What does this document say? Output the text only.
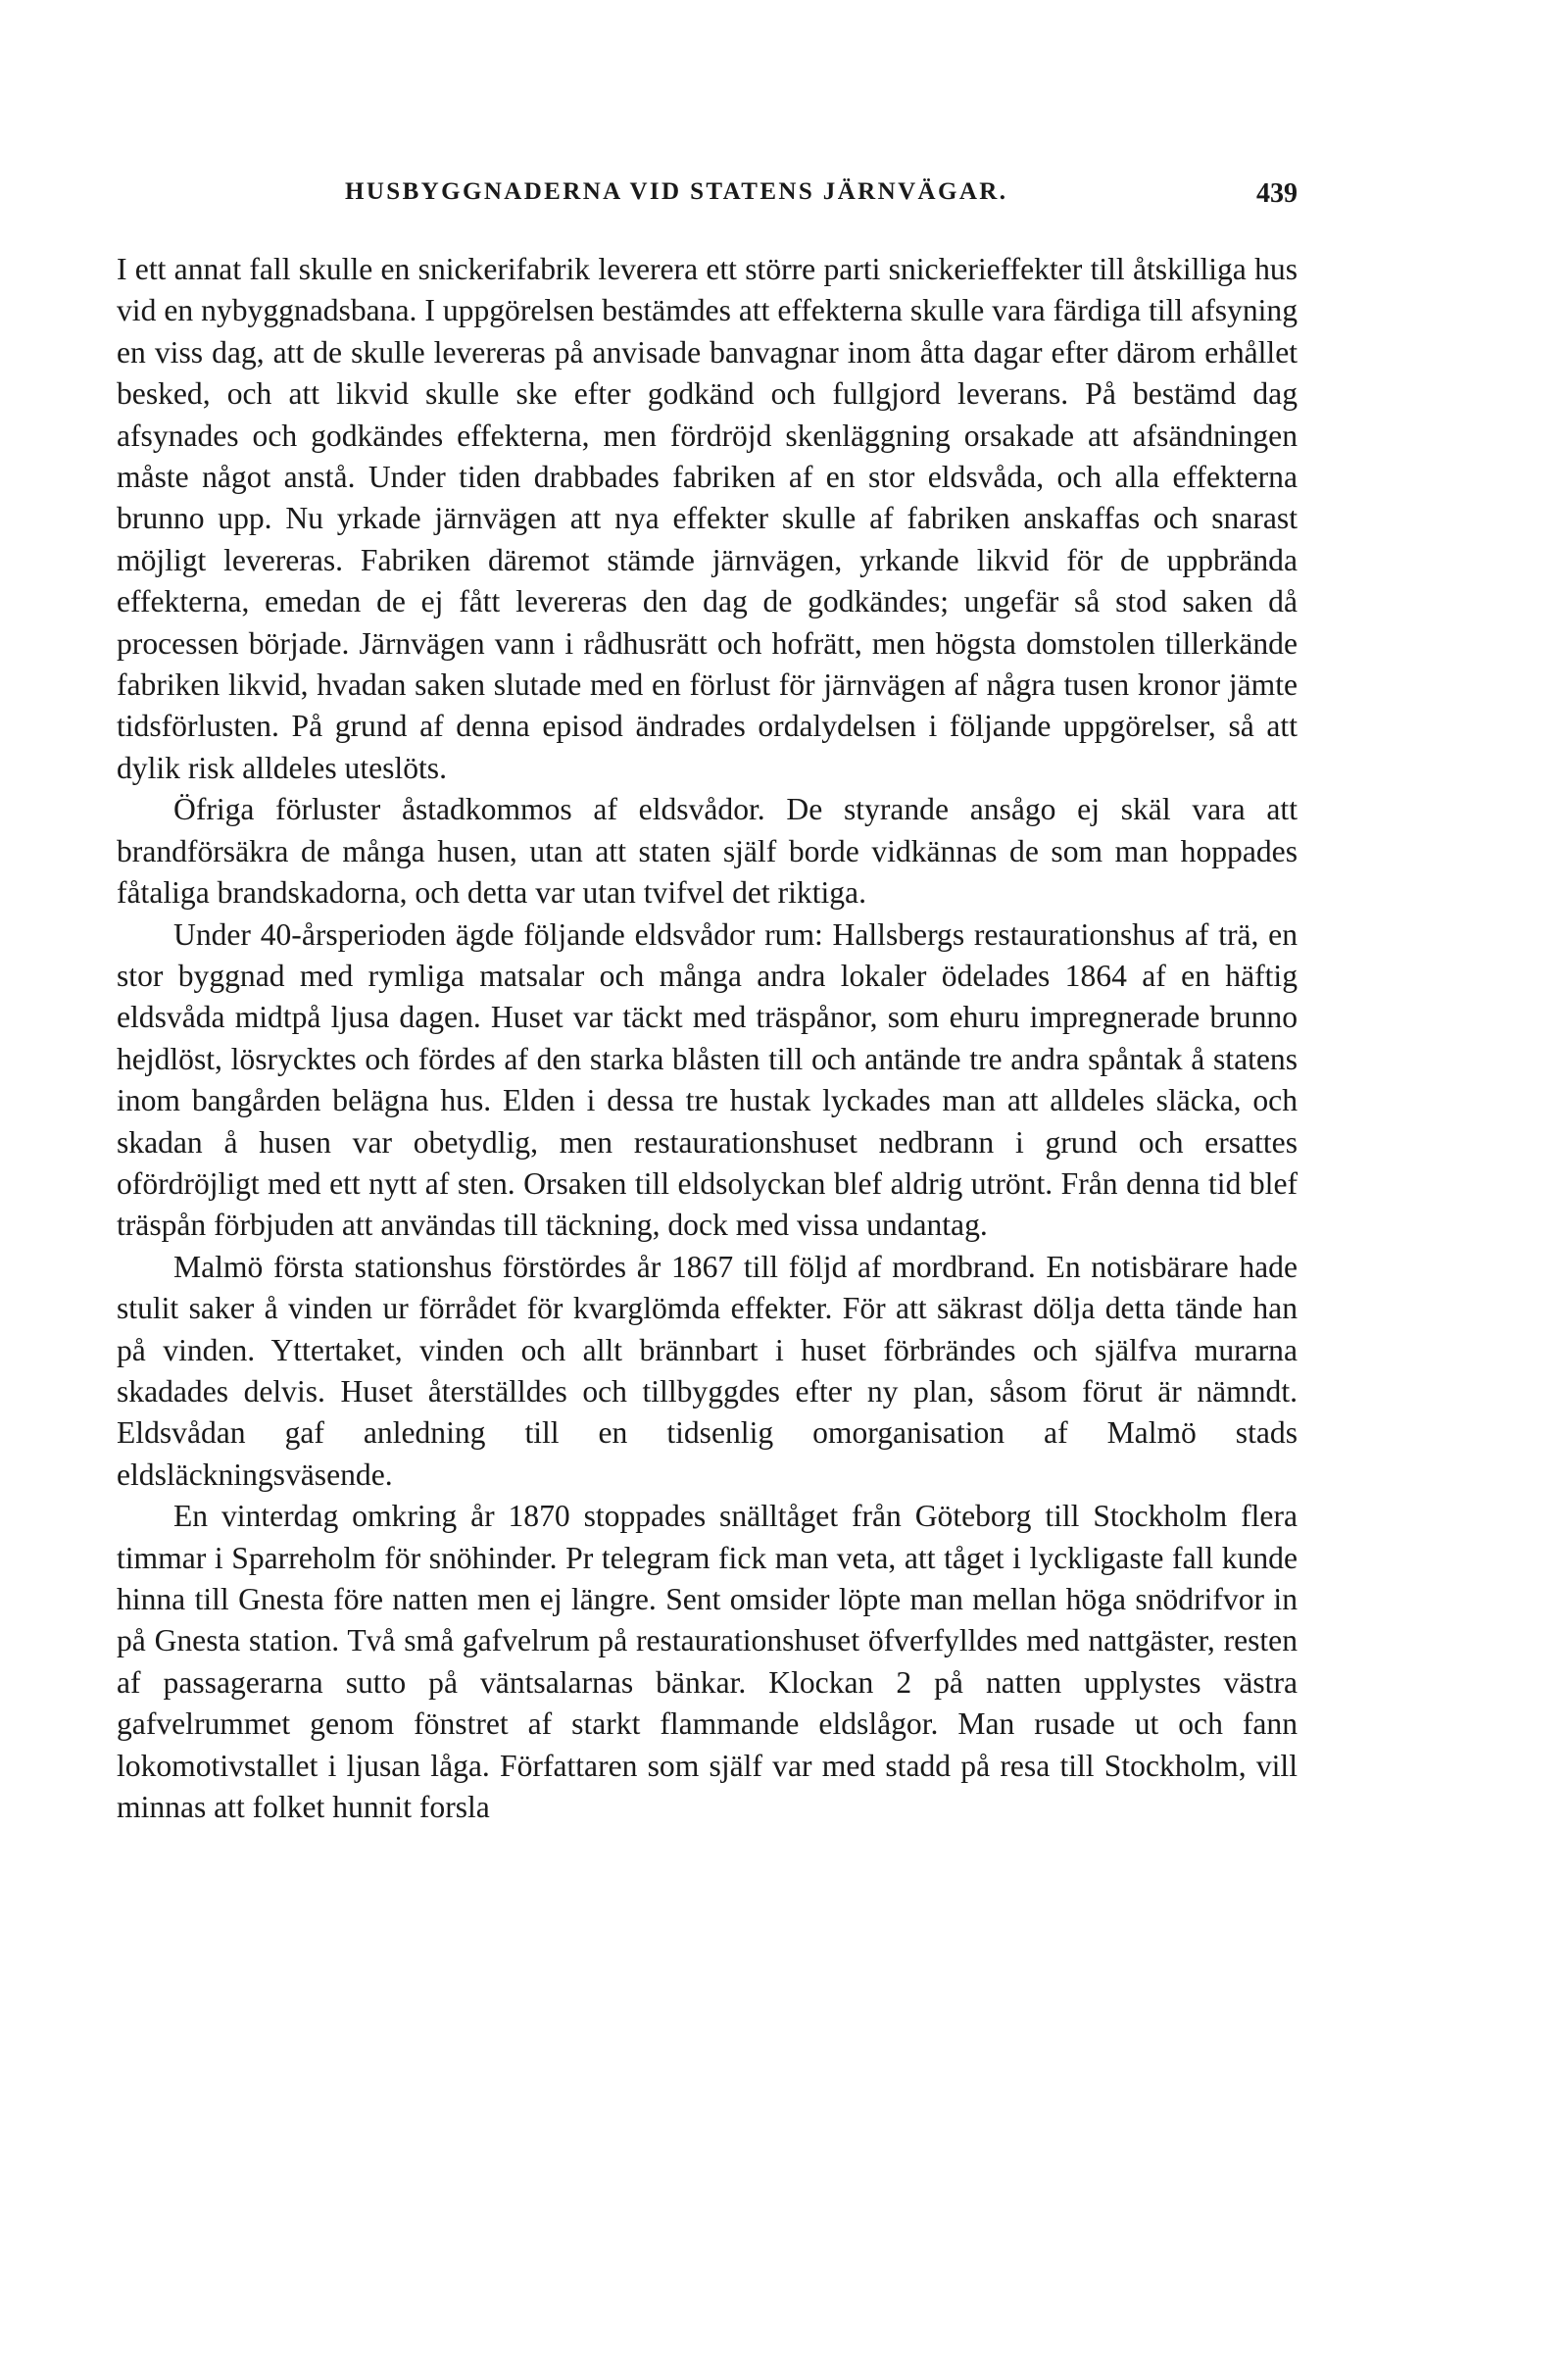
HUSBYGGNADERNA VID STATENS JÄRNVÄGAR.	439

I ett annat fall skulle en snickerifabrik leverera ett större parti snickerieffekter till åtskilliga hus vid en nybyggnadsbana. I uppgörelsen bestämdes att effekterna skulle vara färdiga till afsyning en viss dag, att de skulle levereras på anvisade banvagnar inom åtta dagar efter därom erhållet besked, och att likvid skulle ske efter godkänd och fullgjord leverans. På bestämd dag afsynades och godkändes effekterna, men fördröjd skenläggning orsakade att afsändningen måste något anstå. Under tiden drabbades fabriken af en stor eldsvåda, och alla effekterna brunno upp. Nu yrkade järnvägen att nya effekter skulle af fabriken anskaffas och snarast möjligt levereras. Fabriken däremot stämde järnvägen, yrkande likvid för de uppbrända effekterna, emedan de ej fått levereras den dag de godkändes; ungefär så stod saken då processen började. Järnvägen vann i rådhusrätt och hofrätt, men högsta domstolen tillerkände fabriken likvid, hvadan saken slutade med en förlust för järnvägen af några tusen kronor jämte tidsförlusten. På grund af denna episod ändrades ordalydelsen i följande uppgörelser, så att dylik risk alldeles uteslöts.

Öfriga förluster åstadkommos af eldsvådor. De styrande ansågo ej skäl vara att brandförsäkra de många husen, utan att staten själf borde vidkännas de som man hoppades fåtaliga brandskadorna, och detta var utan tvifvel det riktiga.

Under 40-årsperioden ägde följande eldsvådor rum: Hallsbergs restaurationshus af trä, en stor byggnad med rymliga matsalar och många andra lokaler ödelades 1864 af en häftig eldsvåda midtpå ljusa dagen. Huset var täckt med träspånor, som ehuru impregnerade brunno hejdlöst, lösrycktes och fördes af den starka blåsten till och antände tre andra spåntak å statens inom bangården belägna hus. Elden i dessa tre hustak lyckades man att alldeles släcka, och skadan å husen var obetydlig, men restaurationshuset nedbrann i grund och ersattes ofördröjligt med ett nytt af sten. Orsaken till eldsolyckan blef aldrig utrönt. Från denna tid blef träspån förbjuden att användas till täckning, dock med vissa undantag.

Malmö första stationshus förstördes år 1867 till följd af mordbrand. En notisbärare hade stulit saker å vinden ur förrådet för kvarglömda effekter. För att säkrast dölja detta tände han på vinden. Yttertaket, vinden och allt brännbart i huset förbrändes och själfva murarna skadades delvis. Huset återställdes och tillbyggdes efter ny plan, såsom förut är nämndt. Eldsvådan gaf anledning till en tidsenlig omorganisation af Malmö stads eldsläckningsväsende.

En vinterdag omkring år 1870 stoppades snälltåget från Göteborg till Stockholm flera timmar i Sparreholm för snöhinder. Pr telegram fick man veta, att tåget i lyckligaste fall kunde hinna till Gnesta före natten men ej längre. Sent omsider löpte man mellan höga snödrifvor in på Gnesta station. Två små gafvelrum på restaurationshuset öfverfylldes med nattgäster, resten af passagerarna sutto på väntsalarnas bänkar. Klockan 2 på natten upplystes västra gafvelrummet genom fönstret af starkt flammande eldslågor. Man rusade ut och fann lokomotivstallet i ljusan låga. Författaren som själf var med stadd på resa till Stockholm, vill minnas att folket hunnit forsla
